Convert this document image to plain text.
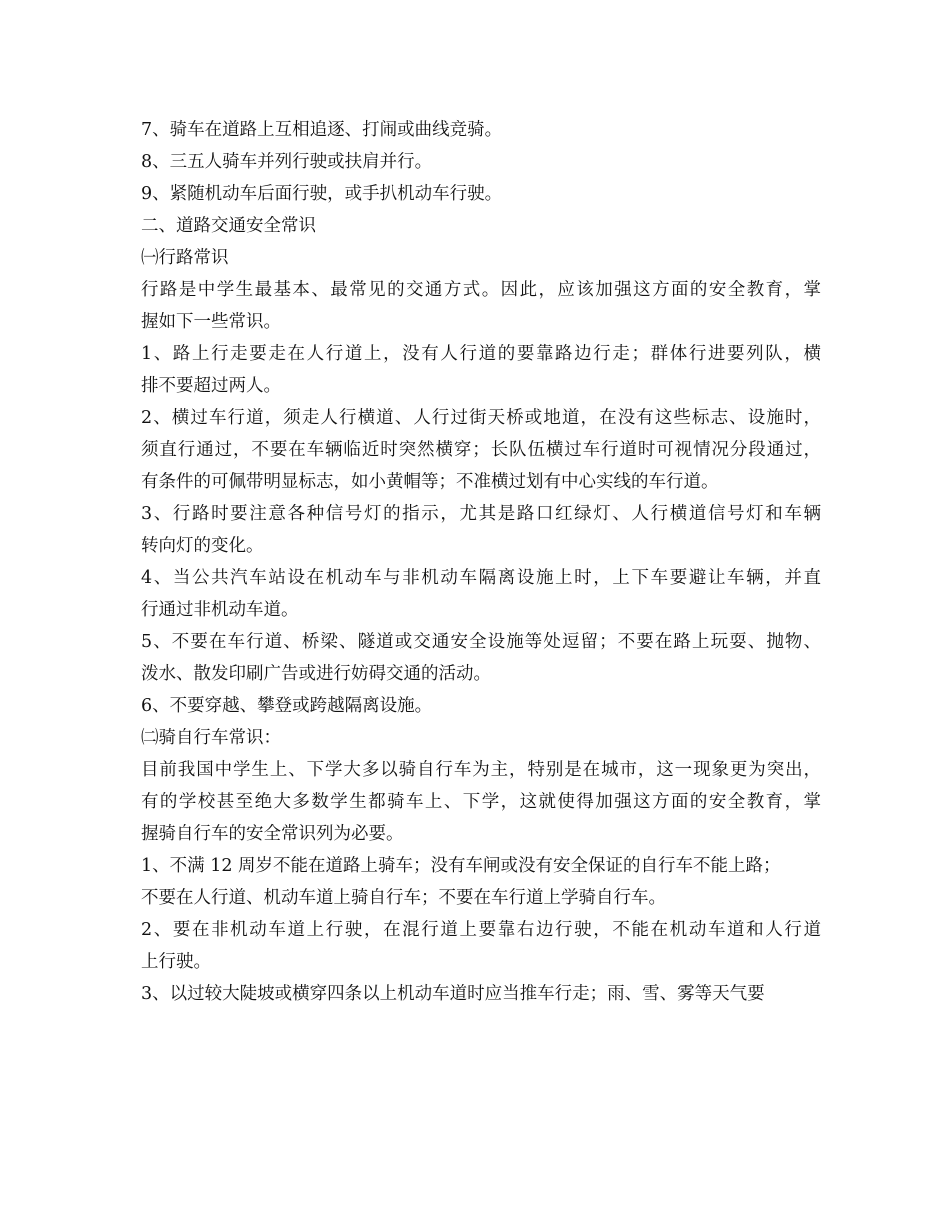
7、骑车在道路上互相追逐、打闹或曲线竞骑。
8、三五人骑车并列行驶或扶肩并行。
9、紧随机动车后面行驶，或手扒机动车行驶。
二、道路交通安全常识
㈠行路常识
行路是中学生最基本、最常见的交通方式。因此，应该加强这方面的安全教育，掌
握如下一些常识。
1、路上行走要走在人行道上，没有人行道的要靠路边行走；群体行进要列队，横
排不要超过两人。
2、横过车行道，须走人行横道、人行过街天桥或地道，在没有这些标志、设施时，
须直行通过，不要在车辆临近时突然横穿；长队伍横过车行道时可视情况分段通过，
有条件的可佩带明显标志，如小黄帽等；不准横过划有中心实线的车行道。
3、行路时要注意各种信号灯的指示，尤其是路口红绿灯、人行横道信号灯和车辆
转向灯的变化。
4、当公共汽车站设在机动车与非机动车隔离设施上时，上下车要避让车辆，并直
行通过非机动车道。
5、不要在车行道、桥梁、隧道或交通安全设施等处逗留；不要在路上玩耍、抛物、
泼水、散发印刷广告或进行妨碍交通的活动。
6、不要穿越、攀登或跨越隔离设施。
㈡骑自行车常识：
目前我国中学生上、下学大多以骑自行车为主，特别是在城市，这一现象更为突出，
有的学校甚至绝大多数学生都骑车上、下学，这就使得加强这方面的安全教育，掌
握骑自行车的安全常识列为必要。
1、不满 12 周岁不能在道路上骑车；没有车闸或没有安全保证的自行车不能上路；
不要在人行道、机动车道上骑自行车；不要在车行道上学骑自行车。
2、要在非机动车道上行驶，在混行道上要靠右边行驶，不能在机动车道和人行道
上行驶。
3、以过较大陡坡或横穿四条以上机动车道时应当推车行走；雨、雪、雾等天气要
